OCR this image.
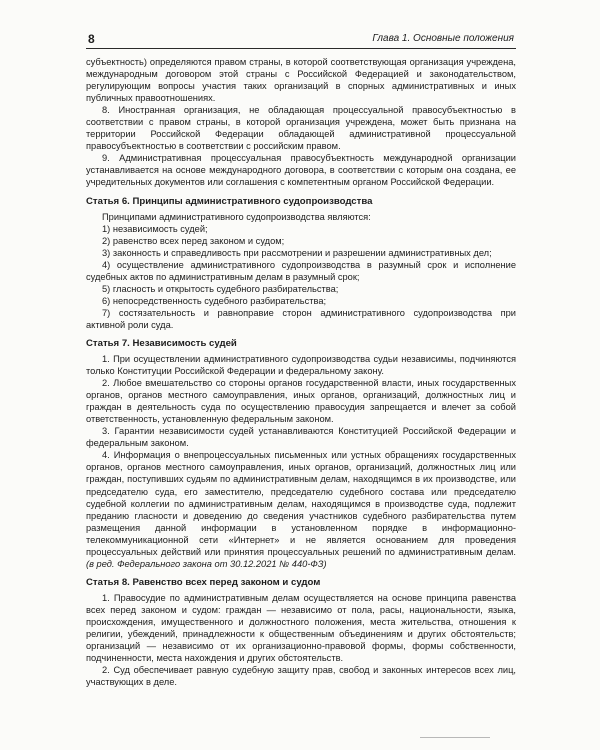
8	Глава 1. Основные положения

субъектность) определяются правом страны, в которой соответствующая организация учреждена, международным договором этой страны с Российской Федерацией и законодательством, регулирующим вопросы участия таких организаций в спорных административных и иных публичных правоотношениях.

8. Иностранная организация, не обладающая процессуальной правосубъектностью в соответствии с правом страны, в которой организация учреждена, может быть признана на территории Российской Федерации обладающей административной процессуальной правосубъектностью в соответствии с российским правом.

9. Административная процессуальная правосубъектность международной организации устанавливается на основе международного договора, в соответствии с которым она создана, ее учредительных документов или соглашения с компетентным органом Российской Федерации.

Статья 6. Принципы административного судопроизводства

Принципами административного судопроизводства являются:

1) независимость судей;

2) равенство всех перед законом и судом;

3) законность и справедливость при рассмотрении и разрешении административных дел;

4) осуществление административного судопроизводства в разумный срок и исполнение судебных актов по административным делам в разумный срок;

5) гласность и открытость судебного разбирательства;

6) непосредственность судебного разбирательства;

7) состязательность и равноправие сторон административного судопроизводства при активной роли суда.

Статья 7. Независимость судей

1. При осуществлении административного судопроизводства судьи независимы, подчиняются только Конституции Российской Федерации и федеральному закону.

2. Любое вмешательство со стороны органов государственной власти, иных государственных органов, органов местного самоуправления, иных органов, организаций, должностных лиц и граждан в деятельность суда по осуществлению правосудия запрещается и влечет за собой ответственность, установленную федеральным законом.

3. Гарантии независимости судей устанавливаются Конституцией Российской Федерации и федеральным законом.

4. Информация о внепроцессуальных письменных или устных обращениях государственных органов, органов местного самоуправления, иных органов, организаций, должностных лиц или граждан, поступивших судьям по административным делам, находящимся в их производстве, или председателю суда, его заместителю, председателю судебного состава или председателю судебной коллегии по административным делам, находящимся в производстве суда, подлежит преданию гласности и доведению до сведения участников судебного разбирательства путем размещения данной информации в установленном порядке в информационно-телекоммуникационной сети «Интернет» и не является основанием для проведения процессуальных действий или принятия процессуальных решений по административным делам. (в ред. Федерального закона от 30.12.2021 № 440-ФЗ)

Статья 8. Равенство всех перед законом и судом

1. Правосудие по административным делам осуществляется на основе принципа равенства всех перед законом и судом: граждан — независимо от пола, расы, национальности, языка, происхождения, имущественного и должностного положения, места жительства, отношения к религии, убеждений, принадлежности к общественным объединениям и других обстоятельств; организаций — независимо от их организационно-правовой формы, формы собственности, подчиненности, места нахождения и других обстоятельств.

2. Суд обеспечивает равную судебную защиту прав, свобод и законных интересов всех лиц, участвующих в деле.
